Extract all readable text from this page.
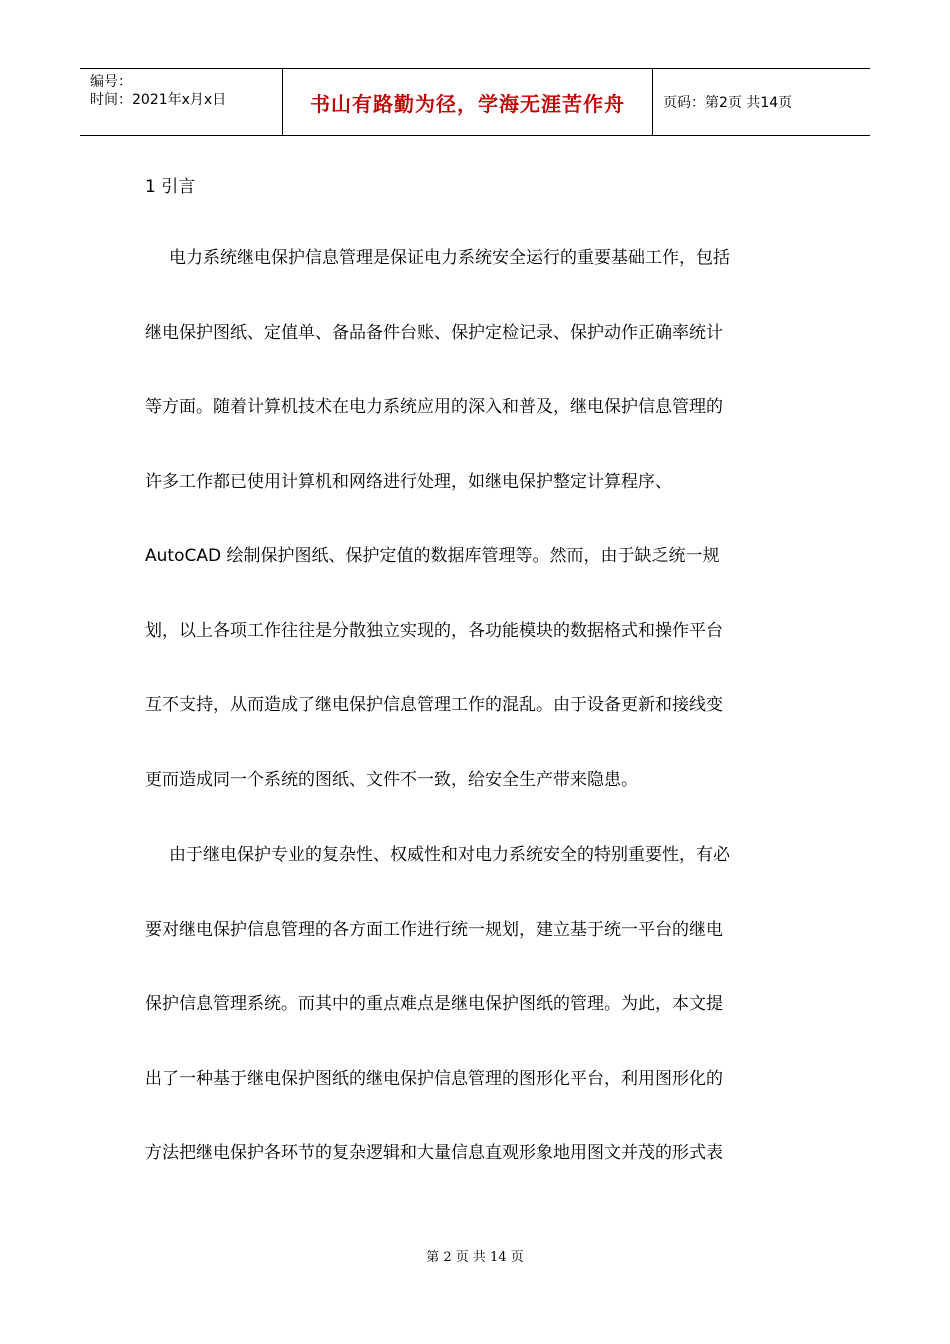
编号：
时间：2021年x月x日	书山有路勤为径，学海无涯苦作舟	页码：第2页 共14页
1 引言
电力系统继电保护信息管理是保证电力系统安全运行的重要基础工作，包括
继电保护图纸、定值单、备品备件台账、保护定检记录、保护动作正确率统计
等方面。随着计算机技术在电力系统应用的深入和普及，继电保护信息管理的
许多工作都已使用计算机和网络进行处理，如继电保护整定计算程序、
AutoCAD 绘制保护图纸、保护定值的数据库管理等。然而，由于缺乏统一规
划，以上各项工作往往是分散独立实现的，各功能模块的数据格式和操作平台
互不支持，从而造成了继电保护信息管理工作的混乱。由于设备更新和接线变
更而造成同一个系统的图纸、文件不一致，给安全生产带来隐患。
由于继电保护专业的复杂性、权威性和对电力系统安全的特别重要性，有必
要对继电保护信息管理的各方面工作进行统一规划，建立基于统一平台的继电
保护信息管理系统。而其中的重点难点是继电保护图纸的管理。为此，本文提
出了一种基于继电保护图纸的继电保护信息管理的图形化平台，利用图形化的
方法把继电保护各环节的复杂逻辑和大量信息直观形象地用图文并茂的形式表
第 2 页 共 14 页
